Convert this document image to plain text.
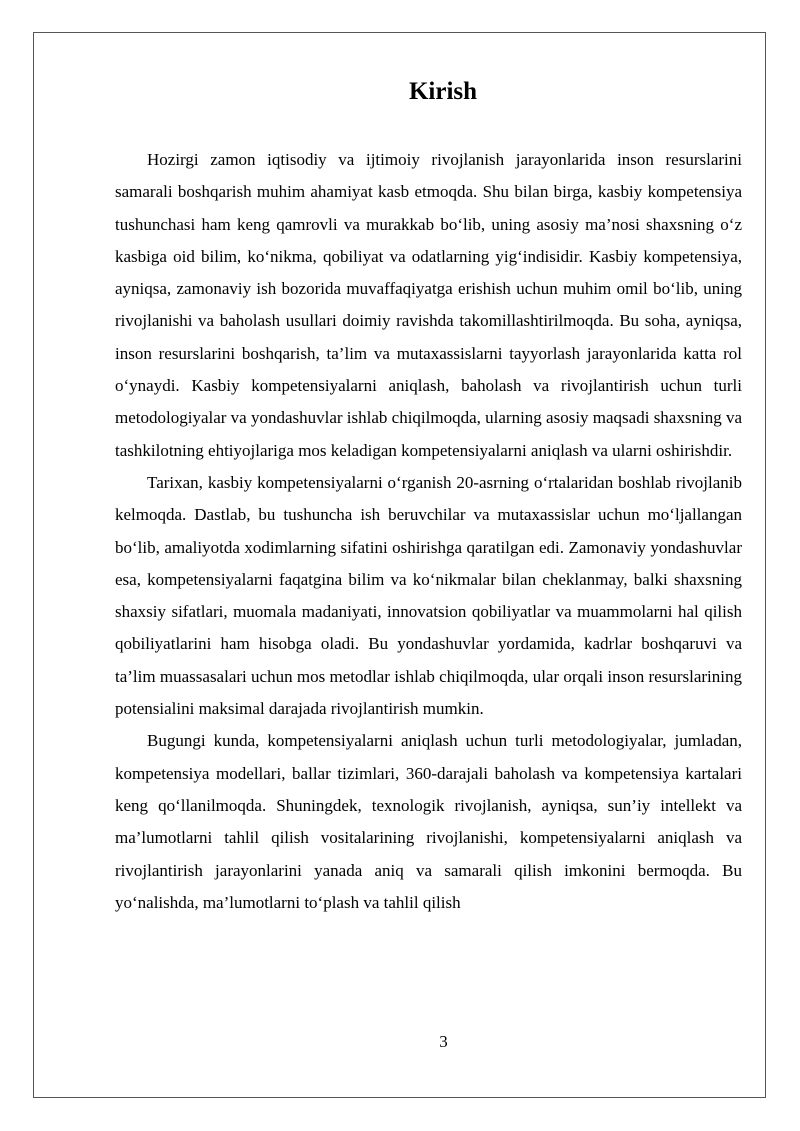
Kirish

Hozirgi zamon iqtisodiy va ijtimoiy rivojlanish jarayonlarida inson resurslarini samarali boshqarish muhim ahamiyat kasb etmoqda. Shu bilan birga, kasbiy kompetensiya tushunchasi ham keng qamrovli va murakkab bo‘lib, uning asosiy ma’nosi shaxsning o‘z kasbiga oid bilim, ko‘nikma, qobiliyat va odatlarning yig‘indisidir. Kasbiy kompetensiya, ayniqsa, zamonaviy ish bozorida muvaffaqiyatga erishish uchun muhim omil bo‘lib, uning rivojlanishi va baholash usullari doimiy ravishda takomillashtirilmoqda. Bu soha, ayniqsa, inson resurslarini boshqarish, ta’lim va mutaxassislarni tayyorlash jarayonlarida katta rol o‘ynaydi. Kasbiy kompetensiyalarni aniqlash, baholash va rivojlantirish uchun turli metodologiyalar va yondashuvlar ishlab chiqilmoqda, ularning asosiy maqsadi shaxsning va tashkilotning ehtiyojlariga mos keladigan kompetensiyalarni aniqlash va ularni oshirishdir.

Tarixan, kasbiy kompetensiyalarni o‘rganish 20-asrning o‘rtalaridan boshlab rivojlanib kelmoqda. Dastlab, bu tushuncha ish beruvchilar va mutaxassislar uchun mo‘ljallangan bo‘lib, amaliyotda xodimlarning sifatini oshirishga qaratilgan edi. Zamonaviy yondashuvlar esa, kompetensiyalarni faqatgina bilim va ko‘nikmalar bilan cheklanmay, balki shaxsning shaxsiy sifatlari, muomala madaniyati, innovatsion qobiliyatlar va muammolarni hal qilish qobiliyatlarini ham hisobga oladi. Bu yondashuvlar yordamida, kadrlar boshqaruvi va ta’lim muassasalari uchun mos metodlar ishlab chiqilmoqda, ular orqali inson resurslarining potensialini maksimal darajada rivojlantirish mumkin.

Bugungi kunda, kompetensiyalarni aniqlash uchun turli metodologiyalar, jumladan, kompetensiya modellari, ballar tizimlari, 360-darajali baholash va kompetensiya kartalari keng qo‘llanilmoqda. Shuningdek, texnologik rivojlanish, ayniqsa, sun’iy intellekt va ma’lumotlarni tahlil qilish vositalarining rivojlanishi, kompetensiyalarni aniqlash va rivojlantirish jarayonlarini yanada aniq va samarali qilish imkonini bermoqda. Bu yo‘nalishda, ma’lumotlarni to‘plash va tahlil qilish

3
